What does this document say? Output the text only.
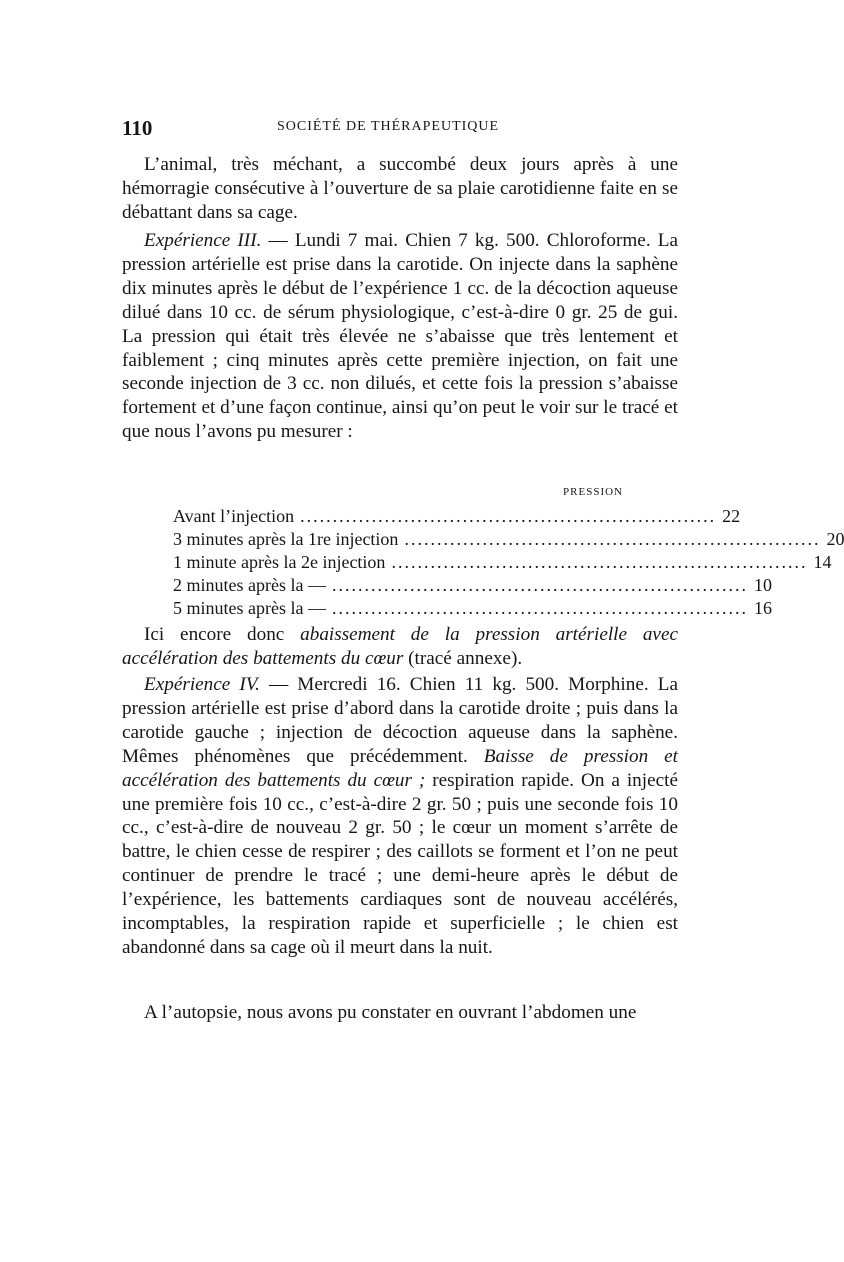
110	SOCIÉTÉ DE THÉRAPEUTIQUE

L’animal, très méchant, a succombé deux jours après à une hémorragie consécutive à l’ouverture de sa plaie carotidienne faite en se débattant dans sa cage.

Expérience III. — Lundi 7 mai. Chien 7 kg. 500. Chloroforme. La pression artérielle est prise dans la carotide. On injecte dans la saphène dix minutes après le début de l’expérience 1 cc. de la décoction aqueuse dilué dans 10 cc. de sérum physiologique, c’est-à-dire 0 gr. 25 de gui. La pression qui était très élevée ne s’abaisse que très lentement et faiblement ; cinq minutes après cette première injection, on fait une seconde injection de 3 cc. non dilués, et cette fois la pression s’abaisse fortement et d’une façon continue, ainsi qu’on peut le voir sur le tracé et que nous l’avons pu mesurer :

PRESSION
Avant l’injection ................................................................ 22
3 minutes après la 1re injection ................................................................ 20
1 minute après la 2e injection ................................................................ 14
2 minutes après la — ................................................................ 10
5 minutes après la — ................................................................ 16

Ici encore donc abaissement de la pression artérielle avec accélération des battements du cœur (tracé annexe).

Expérience IV. — Mercredi 16. Chien 11 kg. 500. Morphine. La pression artérielle est prise d’abord dans la carotide droite ; puis dans la carotide gauche ; injection de décoction aqueuse dans la saphène. Mêmes phénomènes que précédemment. Baisse de pression et accélération des battements du cœur ; respiration rapide. On a injecté une première fois 10 cc., c’est-à-dire 2 gr. 50 ; puis une seconde fois 10 cc., c’est-à-dire de nouveau 2 gr. 50 ; le cœur un moment s’arrête de battre, le chien cesse de respirer ; des caillots se forment et l’on ne peut continuer de prendre le tracé ; une demi-heure après le début de l’expérience, les battements cardiaques sont de nouveau accélérés, incomptables, la respiration rapide et superficielle ; le chien est abandonné dans sa cage où il meurt dans la nuit.

A l’autopsie, nous avons pu constater en ouvrant l’abdomen une
